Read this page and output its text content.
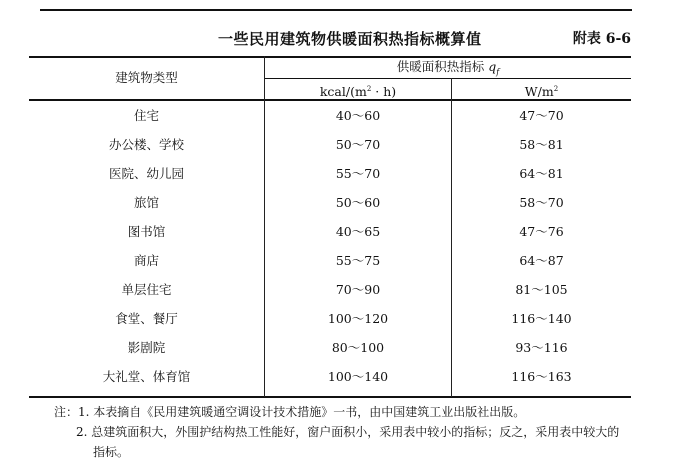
一些民用建筑物供暖面积热指标概算值	附表 6-6
建筑物类型
供暖面积热指标 $q_f$
kcal/$(m^2 \cdot h)$	$W/m^2$
住宅	40～60	47～70
办公楼、学校	50～70	58～81
医院、幼儿园	55～70	64～81
旅馆	50～60	58～70
图书馆	40～65	47～76
商店	55～75	64～87
单层住宅	70～90	81～105
食堂、餐厅	100～120	116～140
影剧院	80～100	93～116
大礼堂、体育馆	100～140	116～163
注：1. 本表摘自《民用建筑暖通空调设计技术措施》一书，由中国建筑工业出版社出版。
2. 总建筑面积大，外围护结构热工性能好，窗户面积小，采用表中较小的指标；反之，采用表中较大的
指标。
